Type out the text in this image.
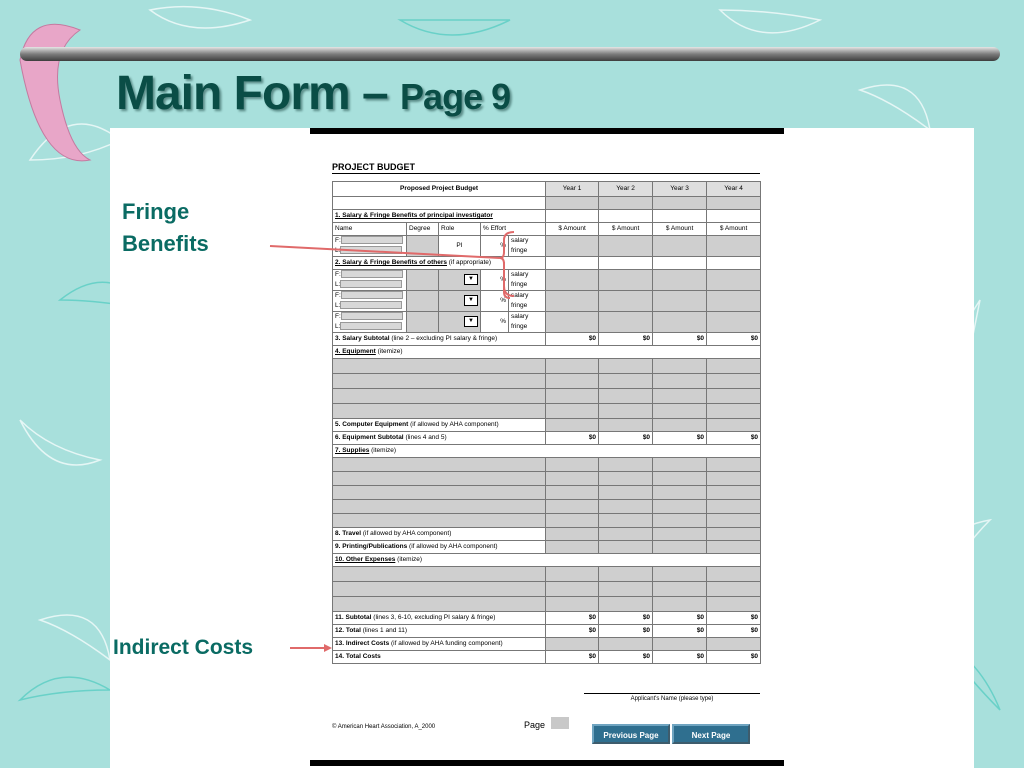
Main Form – Page 9
Fringe
Benefits
Indirect Costs
PROJECT BUDGET
Proposed Project Budget					Year 1	Year 2	Year 3	Year 4

1. Salary & Fringe Benefits of principal investigator								
Name	Degree	Role	% Effort		$ Amount	$ Amount	$ Amount	$ Amount
F:
L:		PI	%	salary
fringe				
2. Salary & Fringe Benefits of others (if appropriate)								
F:
L:		▼	%	salary
fringe				
F:
L:		▼	%	salary
fringe				
F:
L:		▼	%	salary
fringe				
3. Salary Subtotal (line 2 – excluding PI salary & fringe)					$0	$0	$0	$0
4. Equipment (itemize)								

5. Computer Equipment (if allowed by AHA component)								
6. Equipment Subtotal (lines 4 and 5)					$0	$0	$0	$0
7. Supplies (itemize)								

8. Travel (if allowed by AHA component)								
9. Printing/Publications (if allowed by AHA component)								
10. Other Expenses (itemize)								

11. Subtotal (lines 3, 6-10, excluding PI salary & fringe)					$0	$0	$0	$0
12. Total (lines 1 and 11)					$0	$0	$0	$0
13. Indirect Costs (if allowed by AHA funding component)								
14. Total Costs					$0	$0	$0	$0
Applicant's Name (please type)
© American Heart Association, A_2000	Page
Previous Page	Next Page
